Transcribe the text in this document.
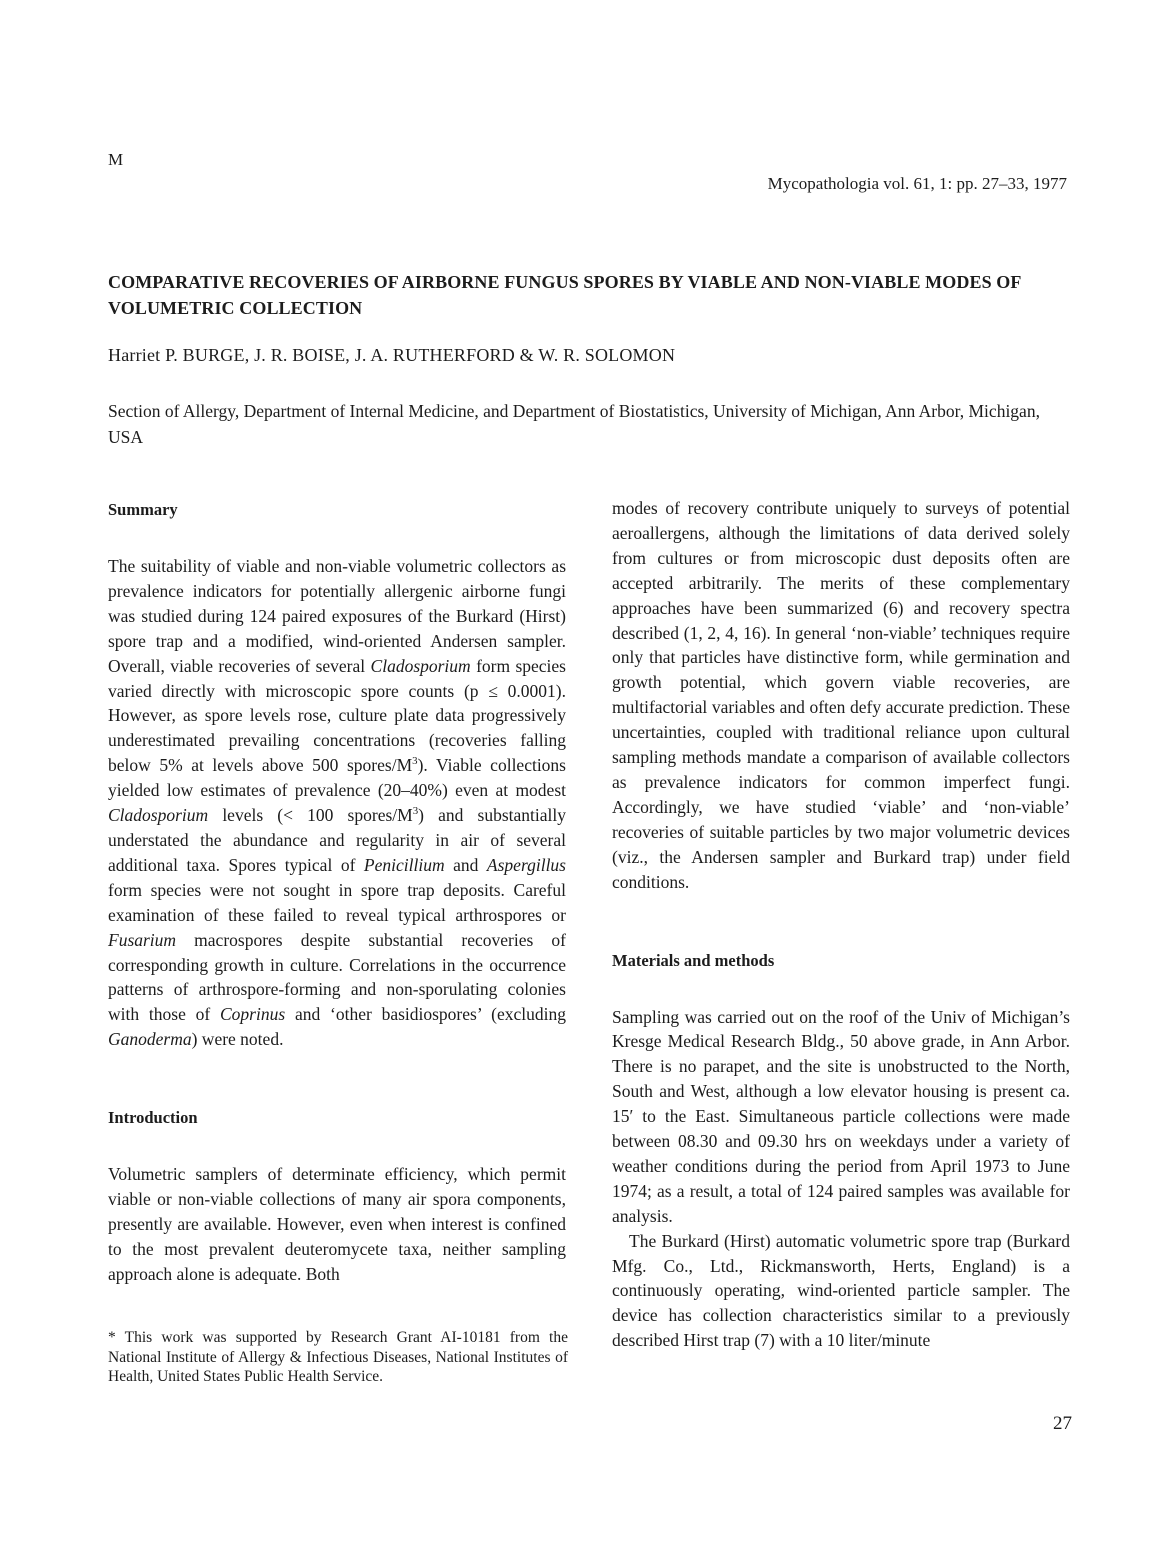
M
Mycopathologia vol. 61, 1: pp. 27–33, 1977
COMPARATIVE RECOVERIES OF AIRBORNE FUNGUS SPORES BY VIABLE AND NON-VIABLE MODES OF VOLUMETRIC COLLECTION
Harriet P. BURGE, J. R. BOISE, J. A. RUTHERFORD & W. R. SOLOMON
Section of Allergy, Department of Internal Medicine, and Department of Biostatistics, University of Michigan, Ann Arbor, Michigan, USA
Summary

The suitability of viable and non-viable volumetric collectors as prevalence indicators for potentially allergenic airborne fungi was studied during 124 paired exposures of the Burkard (Hirst) spore trap and a modified, wind-oriented Andersen sampler. Overall, viable recoveries of several Cladosporium form species varied directly with microscopic spore counts (p ≤ 0.0001). However, as spore levels rose, culture plate data progressively underestimated prevailing concentrations (recoveries falling below 5% at levels above 500 spores/$M^3$). Viable collections yielded low estimates of prevalence (20–40%) even at modest Cladosporium levels (< 100 spores/$M^3$) and substantially understated the abundance and regularity in air of several additional taxa. Spores typical of Penicillium and Aspergillus form species were not sought in spore trap deposits. Careful examination of these failed to reveal typical arthrospores or Fusarium macrospores despite substantial recoveries of corresponding growth in culture. Correlations in the occurrence patterns of arthrospore-forming and non-sporulating colonies with those of Coprinus and ‘other basidiospores’ (excluding Ganoderma) were noted.

Introduction

Volumetric samplers of determinate efficiency, which permit viable or non-viable collections of many air spora components, presently are available. However, even when interest is confined to the most prevalent deuteromycete taxa, neither sampling approach alone is adequate. Both

modes of recovery contribute uniquely to surveys of potential aeroallergens, although the limitations of data derived solely from cultures or from microscopic dust deposits often are accepted arbitrarily. The merits of these complementary approaches have been summarized (6) and recovery spectra described (1, 2, 4, 16). In general ‘non-viable’ techniques require only that particles have distinctive form, while germination and growth potential, which govern viable recoveries, are multifactorial variables and often defy accurate prediction. These uncertainties, coupled with traditional reliance upon cultural sampling methods mandate a comparison of available collectors as prevalence indicators for common imperfect fungi. Accordingly, we have studied ‘viable’ and ‘non-viable’ recoveries of suitable particles by two major volumetric devices (viz., the Andersen sampler and Burkard trap) under field conditions.

Materials and methods

Sampling was carried out on the roof of the Univ of Michigan’s Kresge Medical Research Bldg., 50 above grade, in Ann Arbor. There is no parapet, and the site is unobstructed to the North, South and West, although a low elevator housing is present ca. 15′ to the East. Simultaneous particle collections were made between 08.30 and 09.30 hrs on weekdays under a variety of weather conditions during the period from April 1973 to June 1974; as a result, a total of 124 paired samples was available for analysis.

The Burkard (Hirst) automatic volumetric spore trap (Burkard Mfg. Co., Ltd., Rickmansworth, Herts, England) is a continuously operating, wind-oriented particle sampler. The device has collection characteristics similar to a previously described Hirst trap (7) with a 10 liter/minute

* This work was supported by Research Grant AI-10181 from the National Institute of Allergy & Infectious Diseases, National Institutes of Health, United States Public Health Service.
27
